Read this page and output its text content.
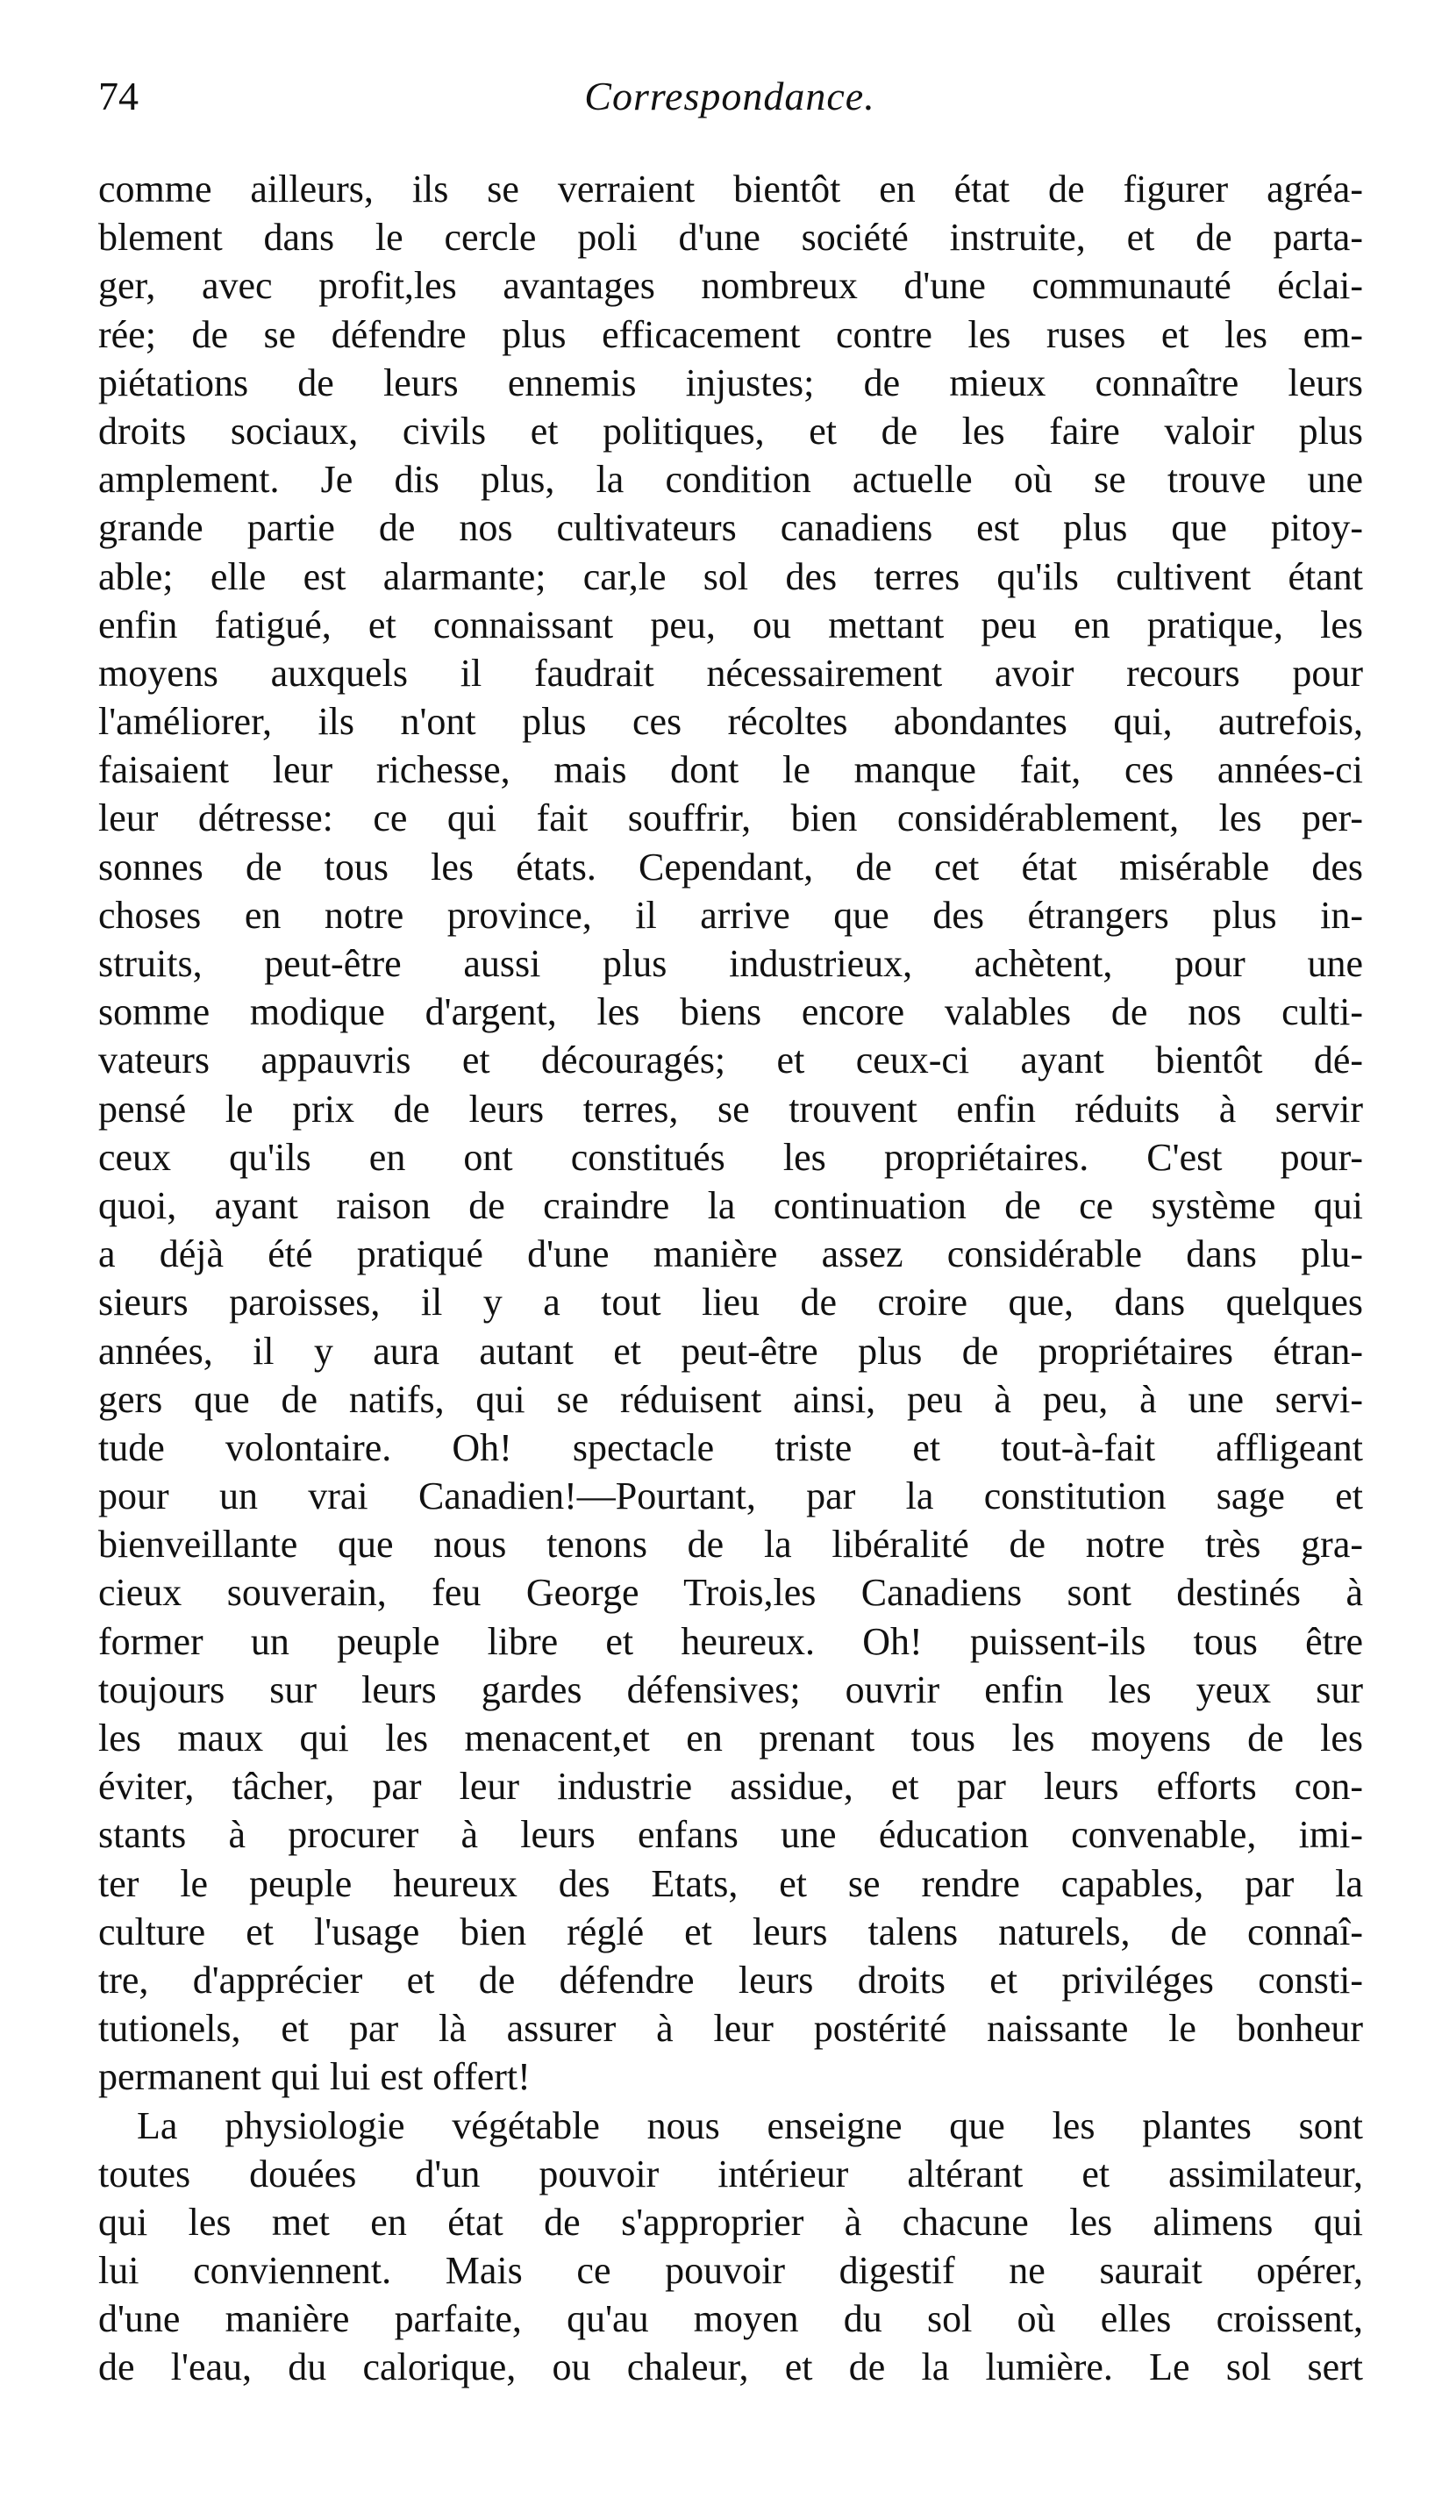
74	Correspondance.
comme ailleurs, ils se verraient bientôt en état de figurer agréa-
blement dans le cercle poli d'une société instruite, et de parta-
ger, avec profit,les avantages nombreux d'une communauté éclai-
rée; de se défendre plus efficacement contre les ruses et les em-
piétations de leurs ennemis injustes; de mieux connaître leurs
droits sociaux, civils et politiques, et de les faire valoir plus
amplement. Je dis plus, la condition actuelle où se trouve une
grande partie de nos cultivateurs canadiens est plus que pitoy-
able; elle est alarmante; car,le sol des terres qu'ils cultivent étant
enfin fatigué, et connaissant peu, ou mettant peu en pratique, les
moyens auxquels il faudrait nécessairement avoir recours pour
l'améliorer, ils n'ont plus ces récoltes abondantes qui, autrefois,
faisaient leur richesse, mais dont le manque fait, ces années-ci
leur détresse: ce qui fait souffrir, bien considérablement, les per-
sonnes de tous les états. Cependant, de cet état misérable des
choses en notre province, il arrive que des étrangers plus in-
struits, peut-être aussi plus industrieux, achètent, pour une
somme modique d'argent, les biens encore valables de nos culti-
vateurs appauvris et découragés; et ceux-ci ayant bientôt dé-
pensé le prix de leurs terres, se trouvent enfin réduits à servir
ceux qu'ils en ont constitués les propriétaires. C'est pour-
quoi, ayant raison de craindre la continuation de ce système qui
a déjà été pratiqué d'une manière assez considérable dans plu-
sieurs paroisses, il y a tout lieu de croire que, dans quelques
années, il y aura autant et peut-être plus de propriétaires étran-
gers que de natifs, qui se réduisent ainsi, peu à peu, à une servi-
tude volontaire. Oh! spectacle triste et tout-à-fait affligeant
pour un vrai Canadien!—Pourtant, par la constitution sage et
bienveillante que nous tenons de la libéralité de notre très gra-
cieux souverain, feu George Trois,les Canadiens sont destinés à
former un peuple libre et heureux. Oh! puissent-ils tous être
toujours sur leurs gardes défensives; ouvrir enfin les yeux sur
les maux qui les menacent,et en prenant tous les moyens de les
éviter, tâcher, par leur industrie assidue, et par leurs efforts con-
stants à procurer à leurs enfans une éducation convenable, imi-
ter le peuple heureux des Etats, et se rendre capables, par la
culture et l'usage bien réglé et leurs talens naturels, de connaî-
tre, d'apprécier et de défendre leurs droits et priviléges consti-
tutionels, et par là assurer à leur postérité naissante le bonheur
permanent qui lui est offert!
La physiologie végétable nous enseigne que les plantes sont
toutes douées d'un pouvoir intérieur altérant et assimilateur,
qui les met en état de s'approprier à chacune les alimens qui
lui conviennent. Mais ce pouvoir digestif ne saurait opérer,
d'une manière parfaite, qu'au moyen du sol où elles croissent,
de l'eau, du calorique, ou chaleur, et de la lumière. Le sol sert
